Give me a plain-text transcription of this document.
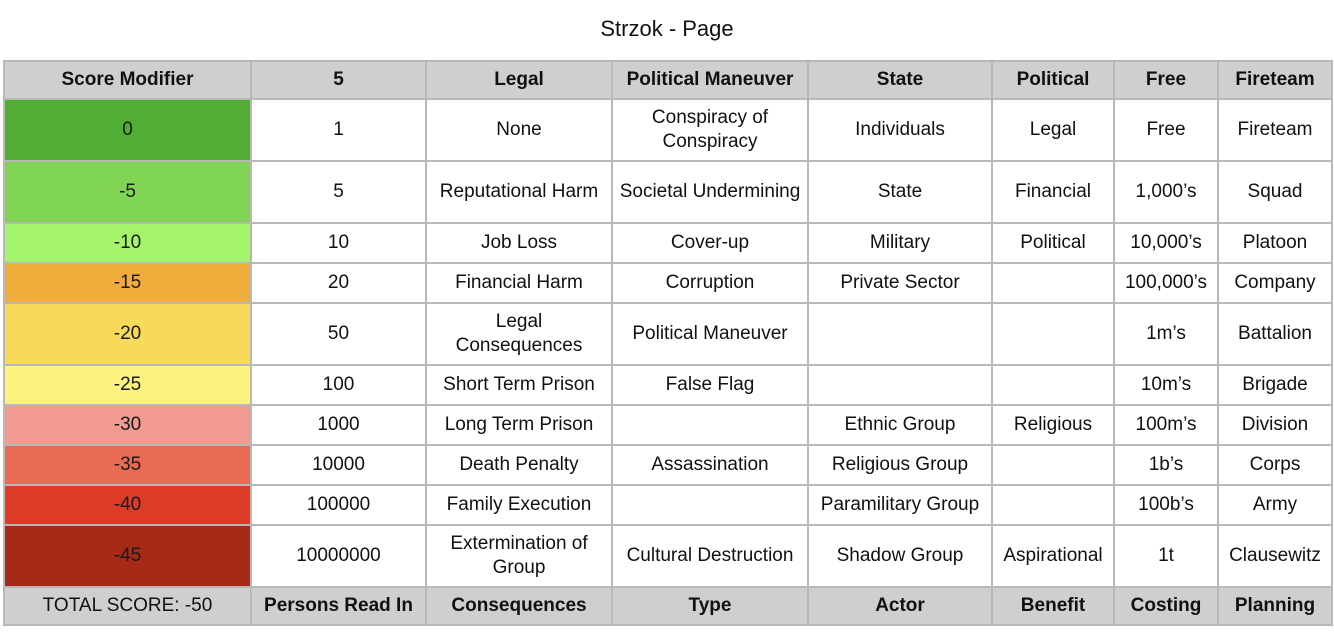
Strzok - Page
Score Modifier	5	Legal	Political Maneuver	State	Political	Free	Fireteam
0	1	None	Conspiracy of Conspiracy	Individuals	Legal	Free	Fireteam
-5	5	Reputational Harm	Societal Undermining	State	Financial	1,000’s	Squad
-10	10	Job Loss	Cover-up	Military	Political	10,000’s	Platoon
-15	20	Financial Harm	Corruption	Private Sector		100,000’s	Company
-20	50	Legal Consequences	Political Maneuver			1m’s	Battalion
-25	100	Short Term Prison	False Flag			10m’s	Brigade
-30	1000	Long Term Prison		Ethnic Group	Religious	100m’s	Division
-35	10000	Death Penalty	Assassination	Religious Group		1b’s	Corps
-40	100000	Family Execution		Paramilitary Group		100b’s	Army
-45	10000000	Extermination of Group	Cultural Destruction	Shadow Group	Aspirational	1t	Clausewitz
TOTAL SCORE: -50	Persons Read In	Consequences	Type	Actor	Benefit	Costing	Planning
